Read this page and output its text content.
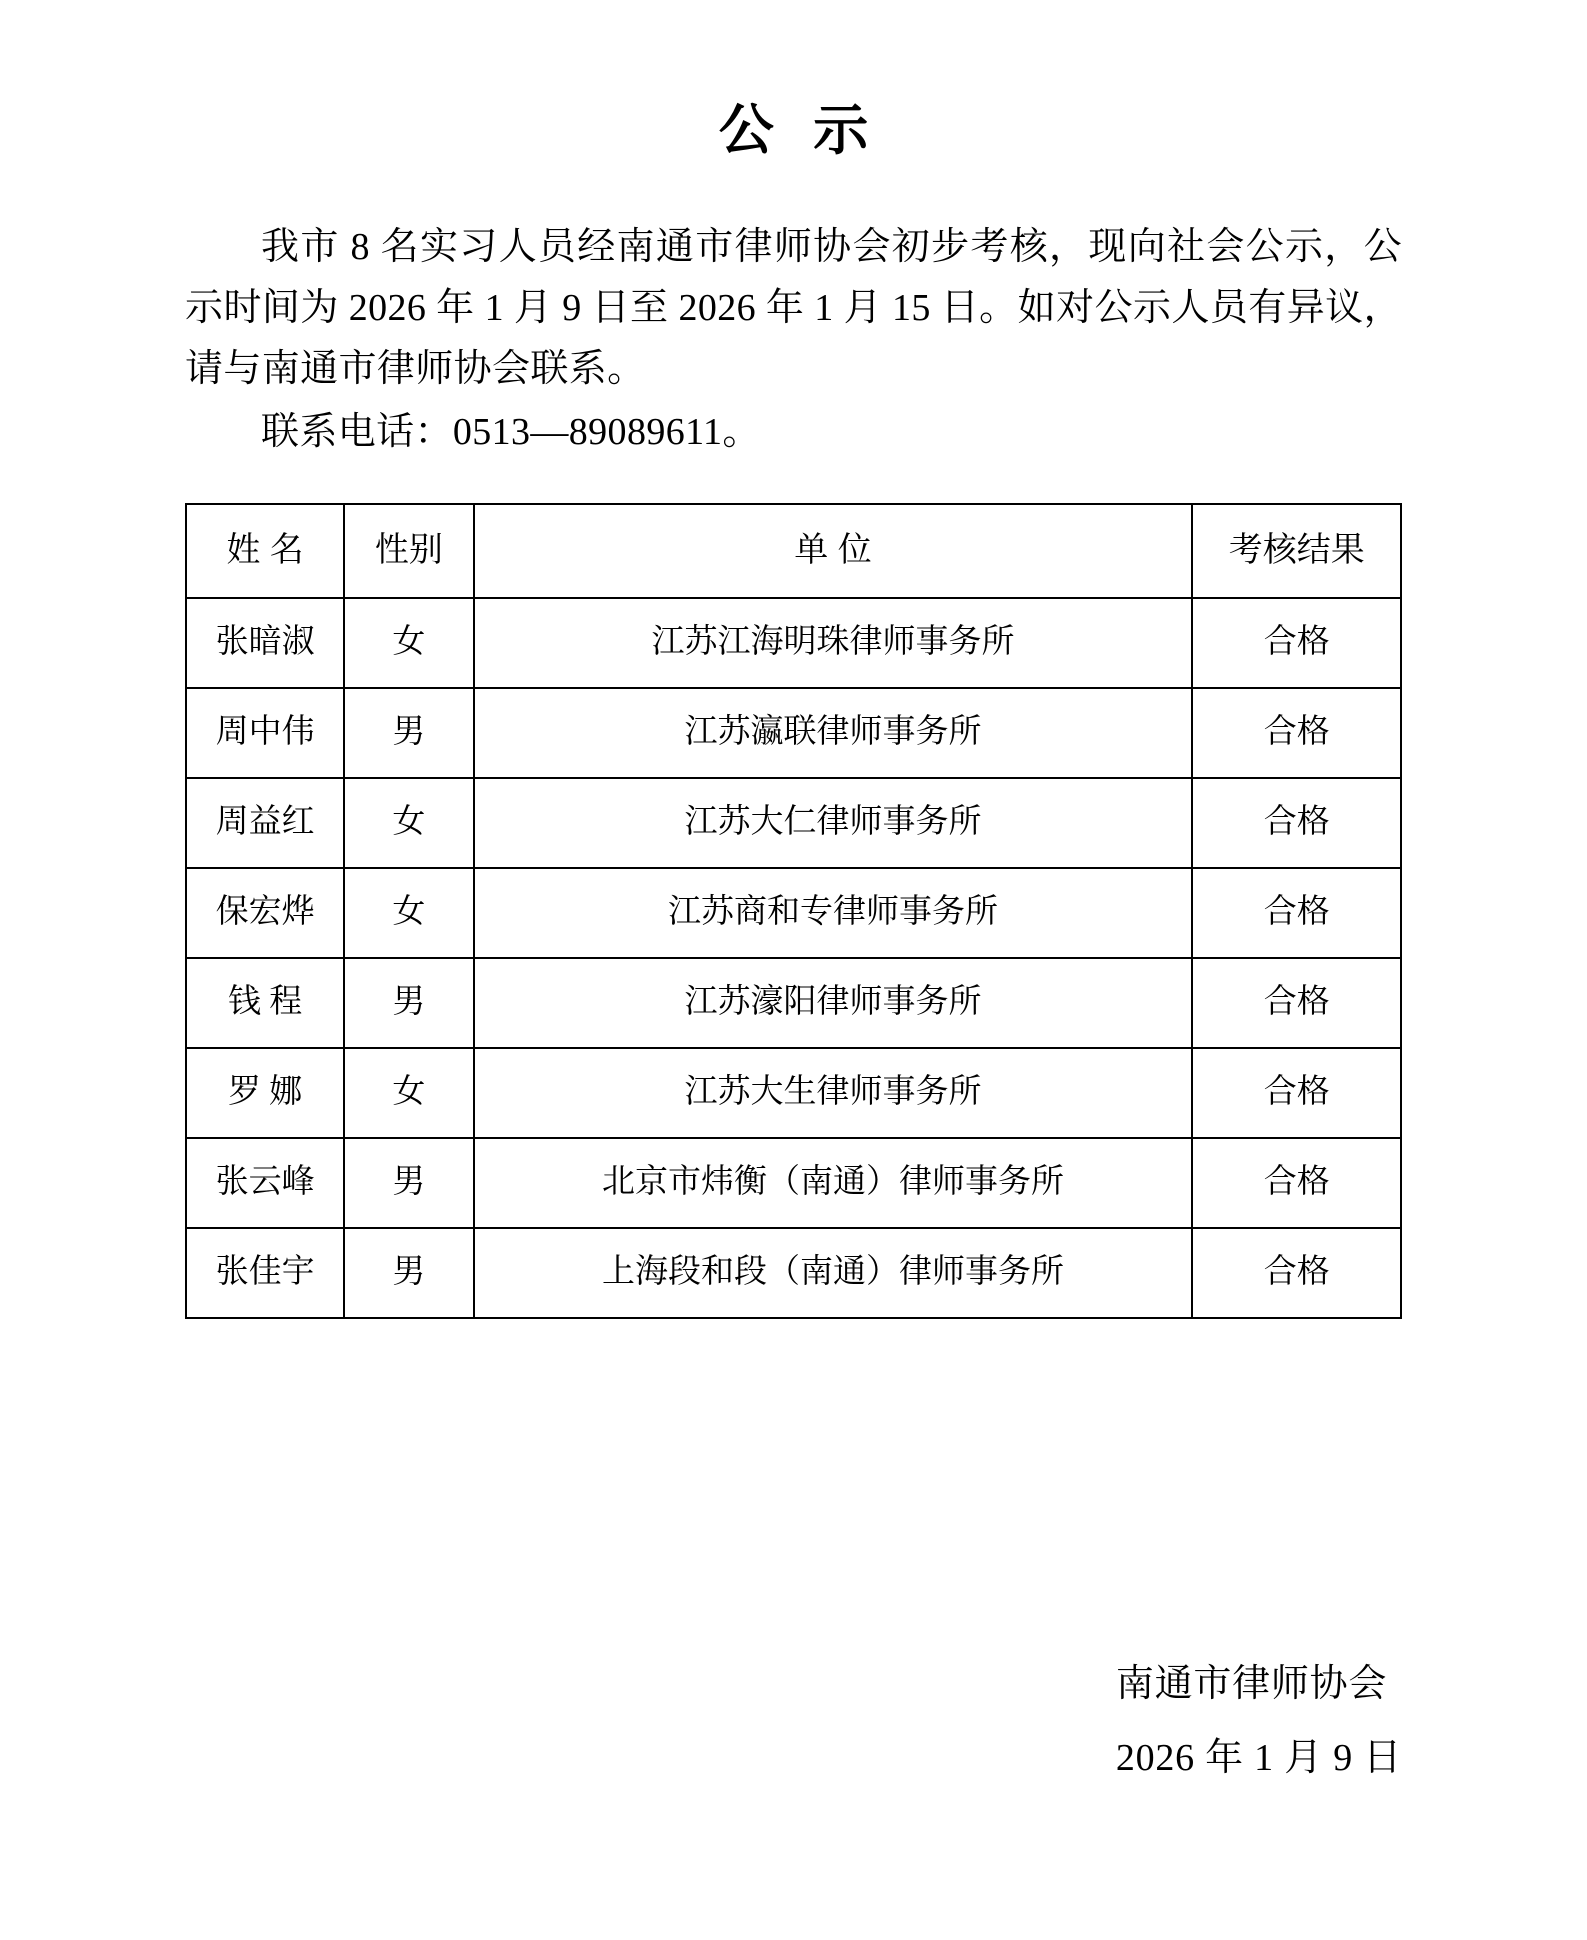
公 示

我市 8 名实习人员经南通市律师协会初步考核，现向社会公示，公示时间为 2026 年 1 月 9 日至 2026 年 1 月 15 日。如对公示人员有异议，请与南通市律师协会联系。

联系电话：0513—89089611。

姓 名	性别	单 位	考核结果
张暗淑	女	江苏江海明珠律师事务所	合格
周中伟	男	江苏瀛联律师事务所	合格
周益红	女	江苏大仁律师事务所	合格
保宏烨	女	江苏商和专律师事务所	合格
钱 程	男	江苏濠阳律师事务所	合格
罗 娜	女	江苏大生律师事务所	合格
张云峰	男	北京市炜衡（南通）律师事务所	合格
张佳宇	男	上海段和段（南通）律师事务所	合格
南通市律师协会
2026 年 1 月 9 日
